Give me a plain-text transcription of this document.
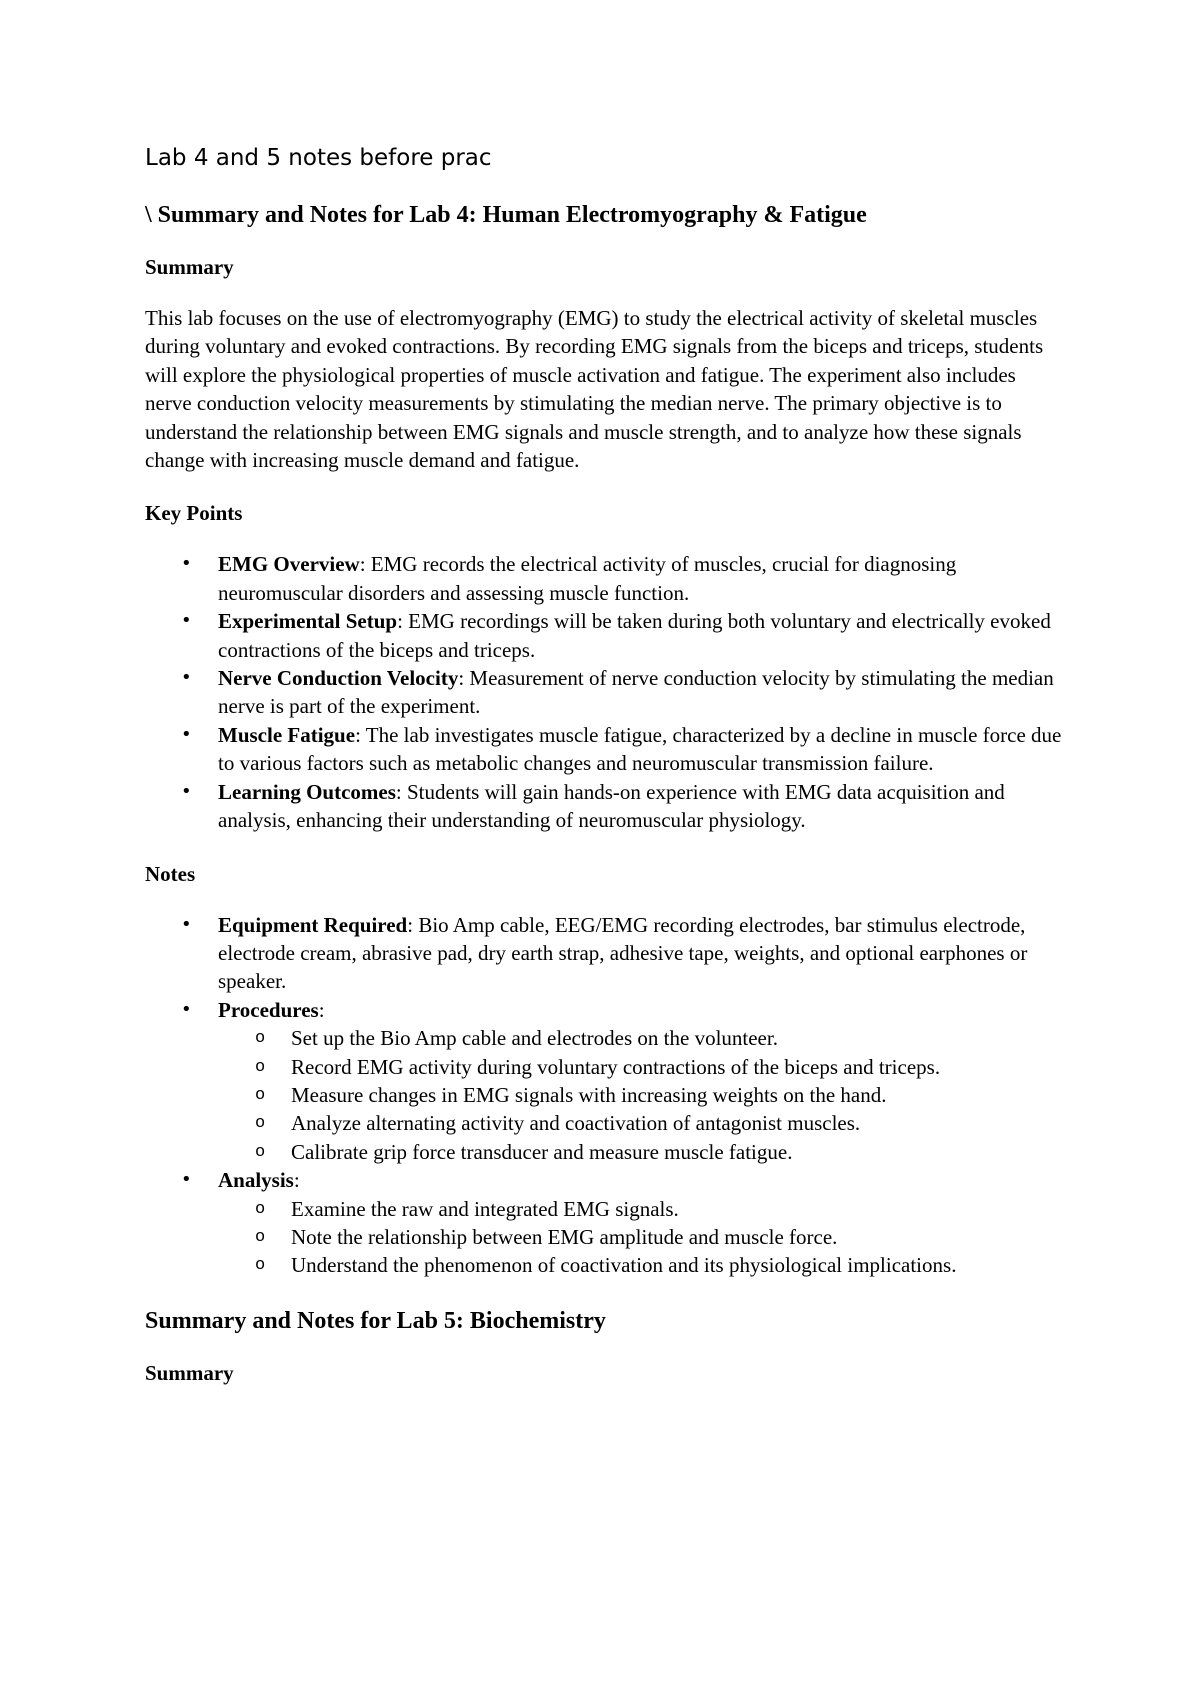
Lab 4 and 5 notes before prac
\ Summary and Notes for Lab 4: Human Electromyography & Fatigue
Summary

This lab focuses on the use of electromyography (EMG) to study the electrical activity of skeletal muscles during voluntary and evoked contractions. By recording EMG signals from the biceps and triceps, students will explore the physiological properties of muscle activation and fatigue. The experiment also includes nerve conduction velocity measurements by stimulating the median nerve. The primary objective is to understand the relationship between EMG signals and muscle strength, and to analyze how these signals change with increasing muscle demand and fatigue.

Key Points
• EMG Overview: EMG records the electrical activity of muscles, crucial for diagnosing neuromuscular disorders and assessing muscle function.
• Experimental Setup: EMG recordings will be taken during both voluntary and electrically evoked contractions of the biceps and triceps.
• Nerve Conduction Velocity: Measurement of nerve conduction velocity by stimulating the median nerve is part of the experiment.
• Muscle Fatigue: The lab investigates muscle fatigue, characterized by a decline in muscle force due to various factors such as metabolic changes and neuromuscular transmission failure.
• Learning Outcomes: Students will gain hands-on experience with EMG data acquisition and analysis, enhancing their understanding of neuromuscular physiology.
Notes
• Equipment Required: Bio Amp cable, EEG/EMG recording electrodes, bar stimulus electrode, electrode cream, abrasive pad, dry earth strap, adhesive tape, weights, and optional earphones or speaker.
• Procedures:
o Set up the Bio Amp cable and electrodes on the volunteer.
o Record EMG activity during voluntary contractions of the biceps and triceps.
o Measure changes in EMG signals with increasing weights on the hand.
o Analyze alternating activity and coactivation of antagonist muscles.
o Calibrate grip force transducer and measure muscle fatigue.
• Analysis:
o Examine the raw and integrated EMG signals.
o Note the relationship between EMG amplitude and muscle force.
o Understand the phenomenon of coactivation and its physiological implications.
Summary and Notes for Lab 5: Biochemistry
Summary
